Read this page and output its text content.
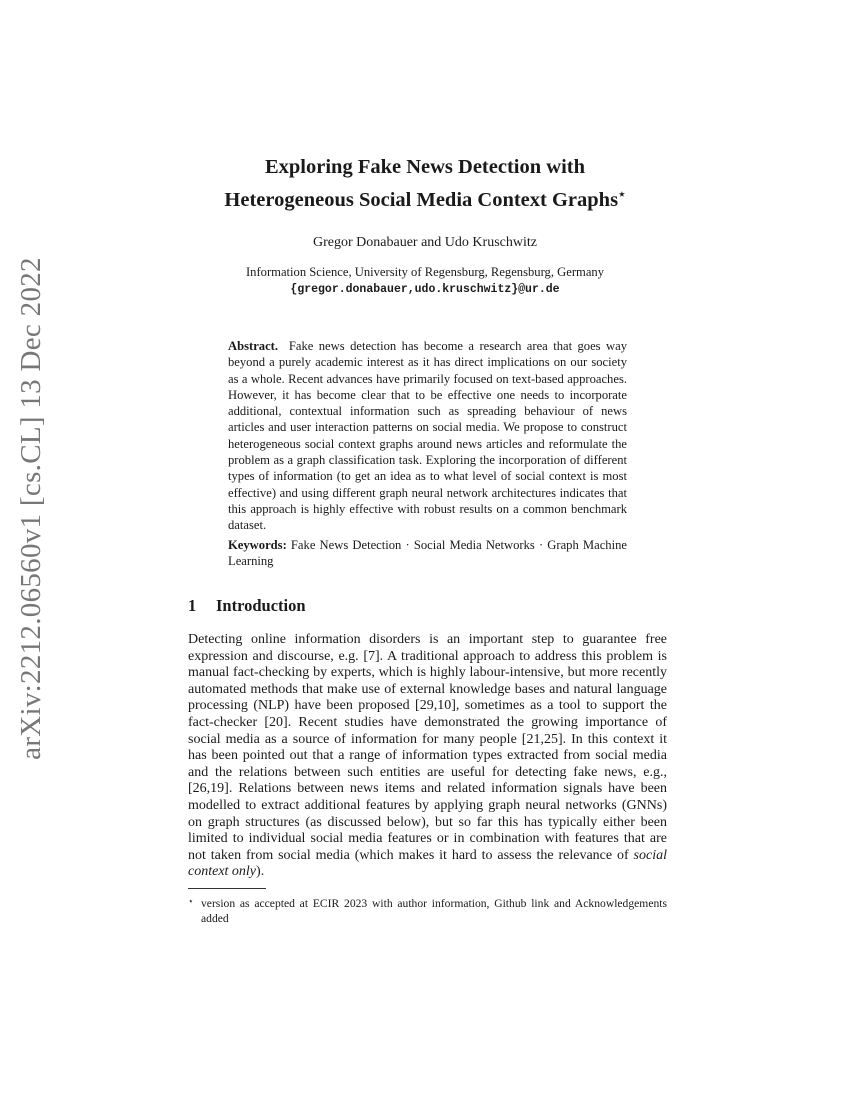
arXiv:2212.06560v1 [cs.CL] 13 Dec 2022
Exploring Fake News Detection with
Heterogeneous Social Media Context Graphs⋆
Gregor Donabauer and Udo Kruschwitz
Information Science, University of Regensburg, Regensburg, Germany
{gregor.donabauer,udo.kruschwitz}@ur.de

Abstract. Fake news detection has become a research area that goes way beyond a purely academic interest as it has direct implications on our society as a whole. Recent advances have primarily focused on text-based approaches. However, it has become clear that to be effective one needs to incorporate additional, contextual information such as spreading behaviour of news articles and user interaction patterns on social media. We propose to construct heterogeneous social context graphs around news articles and reformulate the problem as a graph classification task. Exploring the incorporation of different types of information (to get an idea as to what level of social context is most effective) and using different graph neural network architectures indicates that this approach is highly effective with robust results on a common benchmark dataset.

Keywords: Fake News Detection · Social Media Networks · Graph Machine Learning

1 Introduction

Detecting online information disorders is an important step to guarantee free expression and discourse, e.g. [7]. A traditional approach to address this problem is manual fact-checking by experts, which is highly labour-intensive, but more recently automated methods that make use of external knowledge bases and natural language processing (NLP) have been proposed [29,10], sometimes as a tool to support the fact-checker [20]. Recent studies have demonstrated the growing importance of social media as a source of information for many people [21,25]. In this context it has been pointed out that a range of information types extracted from social media and the relations between such entities are useful for detecting fake news, e.g., [26,19]. Relations between news items and related information signals have been modelled to extract additional features by applying graph neural networks (GNNs) on graph structures (as discussed below), but so far this has typically either been limited to individual social media features or in combination with features that are not taken from social media (which makes it hard to assess the relevance of social context only).

⋆ version as accepted at ECIR 2023 with author information, Github link and Acknowledgements added
